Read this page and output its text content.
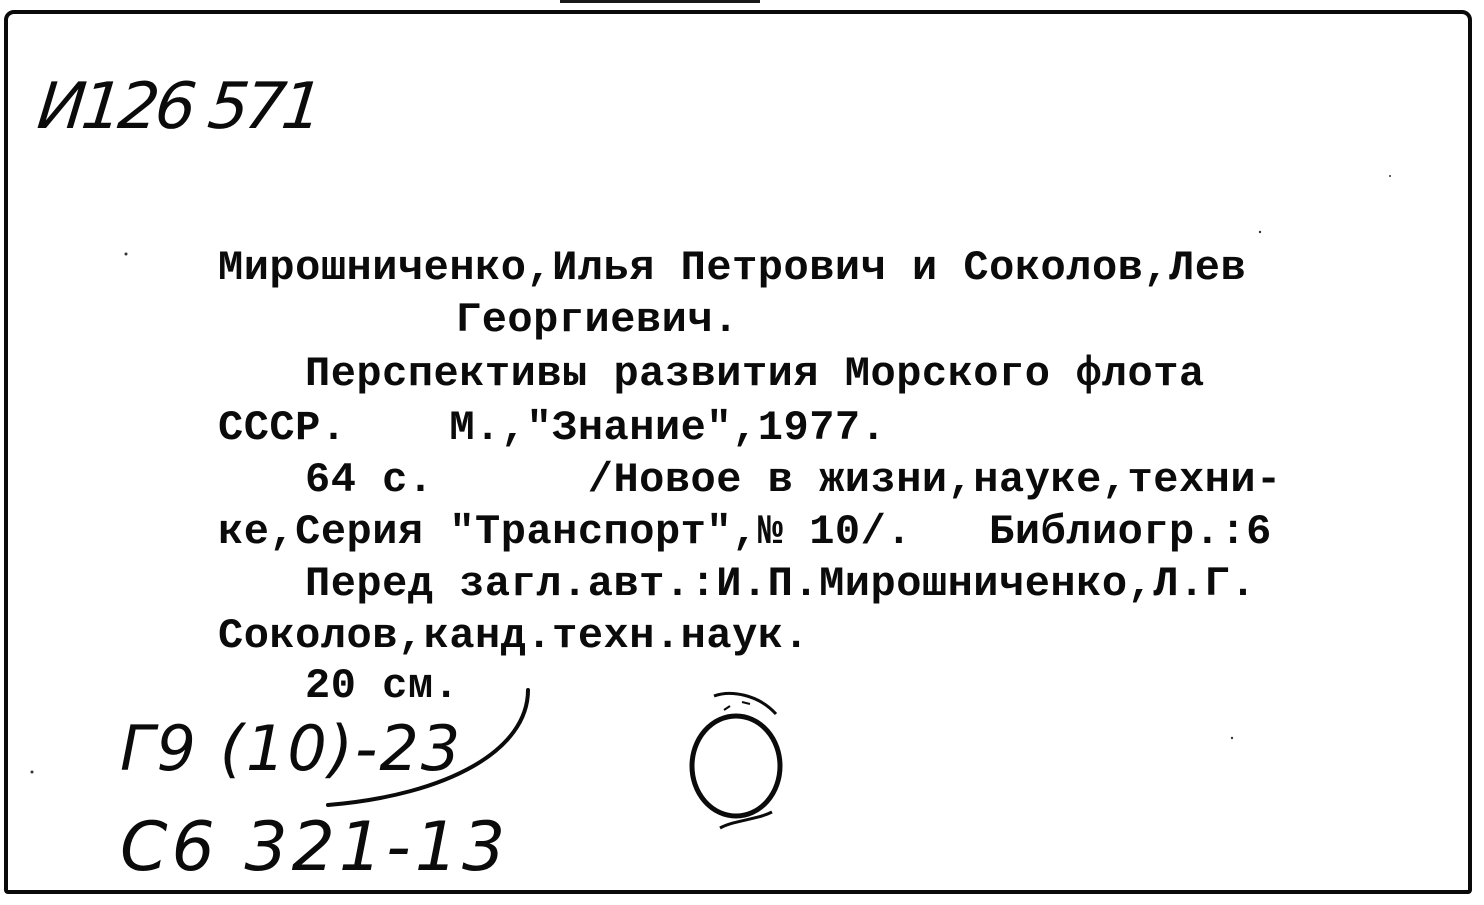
И126 571
Мирошниченко,Илья Петрович и Соколов,Лев
Георгиевич.
Перспективы развития Морского флота
СССР.    М.,"Знание",1977.
64 с.      /Новое в жизни,науке,техни-
ке,Серия "Транспорт",№ 10/.   Библиогр.:6
Перед загл.авт.:И.П.Мирошниченко,Л.Г.
Соколов,канд.техн.наук.
20 см.
Г9 (10)-23
С6 321-13
